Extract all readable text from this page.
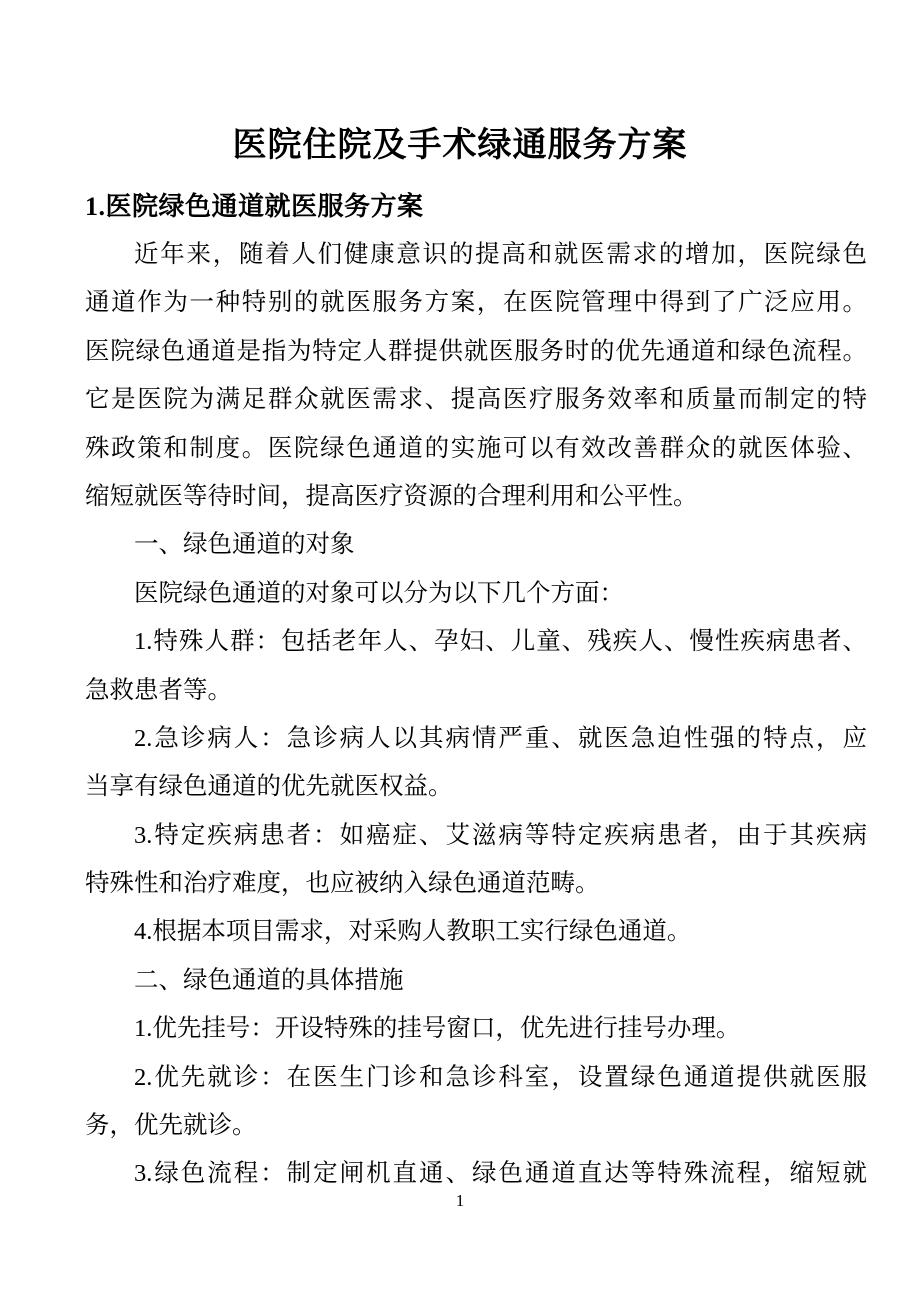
医院住院及手术绿通服务方案
1.医院绿色通道就医服务方案
近年来，随着人们健康意识的提高和就医需求的增加，医院绿色
通道作为一种特别的就医服务方案，在医院管理中得到了广泛应用。
医院绿色通道是指为特定人群提供就医服务时的优先通道和绿色流程。
它是医院为满足群众就医需求、提高医疗服务效率和质量而制定的特
殊政策和制度。医院绿色通道的实施可以有效改善群众的就医体验、
缩短就医等待时间，提高医疗资源的合理利用和公平性。
一、绿色通道的对象
医院绿色通道的对象可以分为以下几个方面：
1.特殊人群：包括老年人、孕妇、儿童、残疾人、慢性疾病患者、
急救患者等。
2.急诊病人：急诊病人以其病情严重、就医急迫性强的特点，应
当享有绿色通道的优先就医权益。
3.特定疾病患者：如癌症、艾滋病等特定疾病患者，由于其疾病
特殊性和治疗难度，也应被纳入绿色通道范畴。
4.根据本项目需求，对采购人教职工实行绿色通道。
二、绿色通道的具体措施
1.优先挂号：开设特殊的挂号窗口，优先进行挂号办理。
2.优先就诊：在医生门诊和急诊科室，设置绿色通道提供就医服
务，优先就诊。
3.绿色流程：制定闸机直通、绿色通道直达等特殊流程，缩短就
1
